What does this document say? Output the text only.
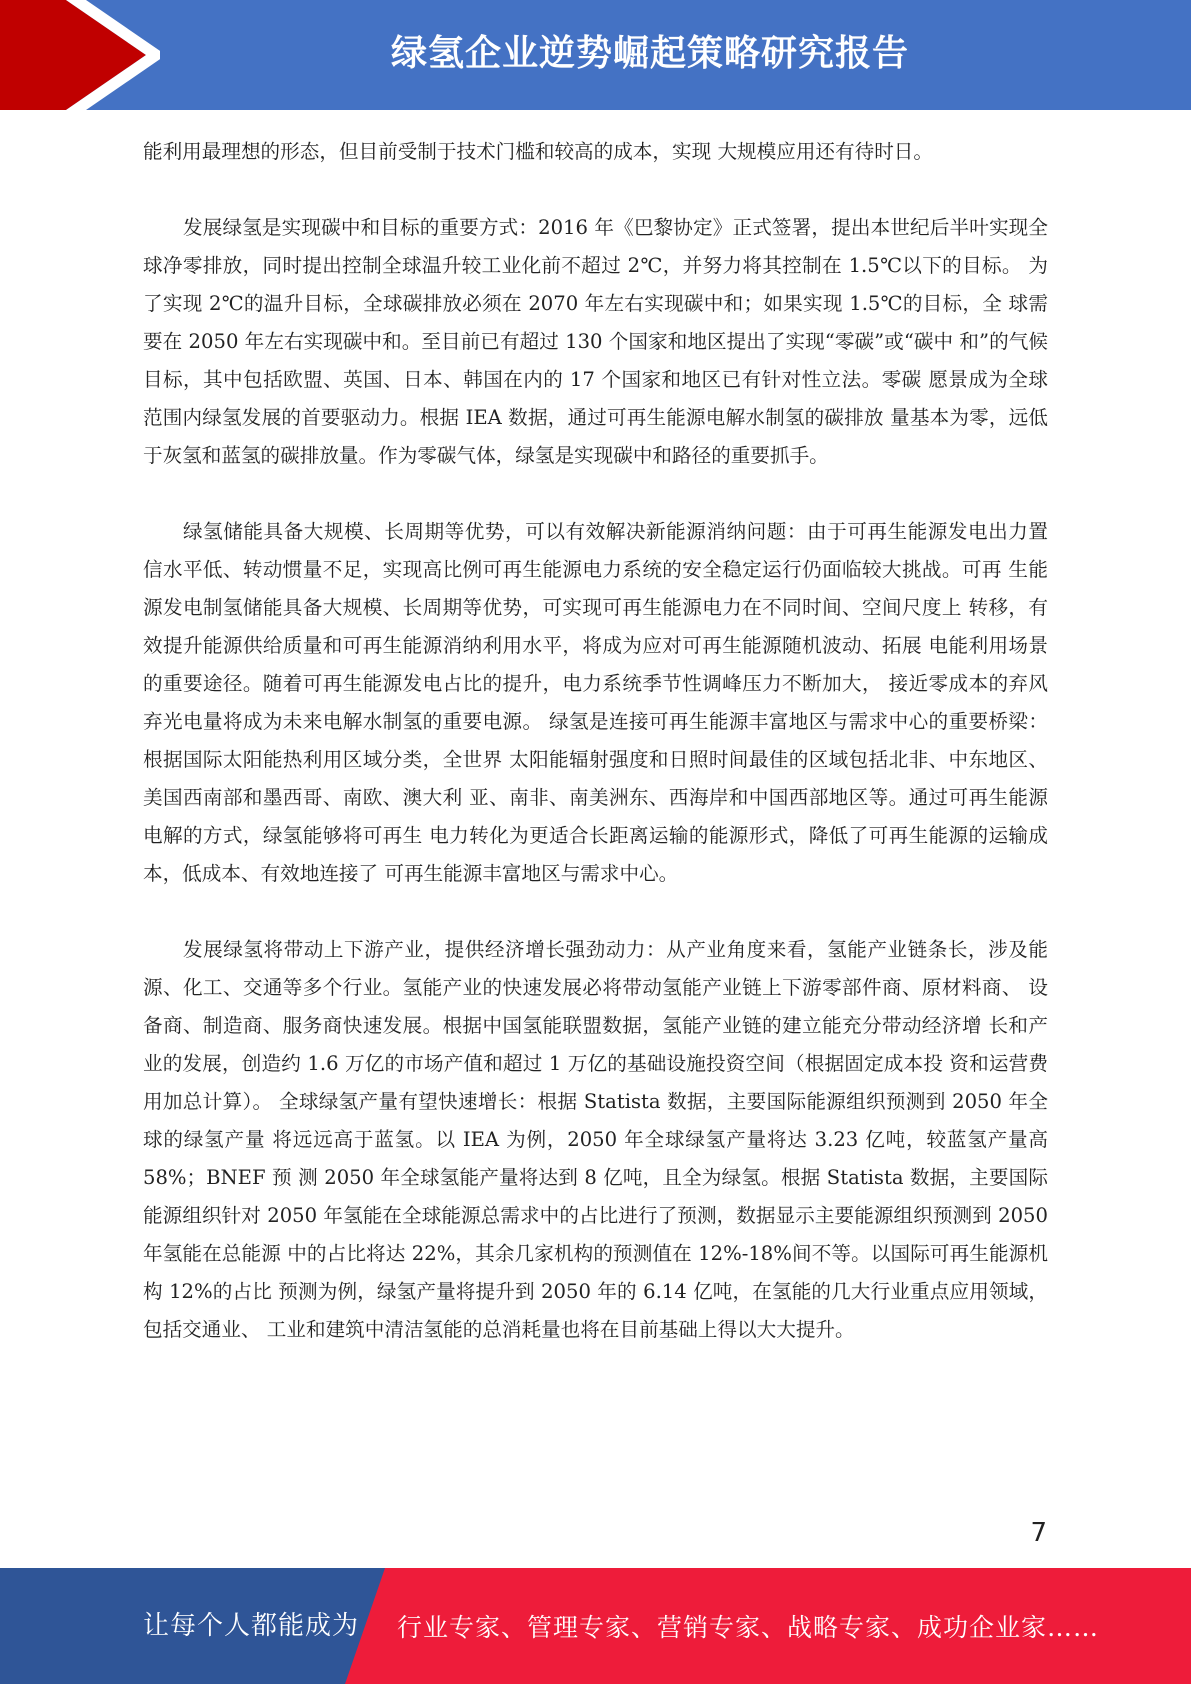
绿氢企业逆势崛起策略研究报告

能利用最理想的形态，但目前受制于技术门槛和较高的成本，实现 大规模应用还有待时日。

发展绿氢是实现碳中和目标的重要方式：2016 年《巴黎协定》正式签署，提出本世纪后半叶实现全 球净零排放，同时提出控制全球温升较工业化前不超过 2℃，并努力将其控制在 1.5℃以下的目标。 为了实现 2℃的温升目标，全球碳排放必须在 2070 年左右实现碳中和；如果实现 1.5℃的目标，全 球需要在 2050 年左右实现碳中和。至目前已有超过 130 个国家和地区提出了实现“零碳”或“碳中 和”的气候目标，其中包括欧盟、英国、日本、韩国在内的 17 个国家和地区已有针对性立法。零碳 愿景成为全球范围内绿氢发展的首要驱动力。根据 IEA 数据，通过可再生能源电解水制氢的碳排放 量基本为零，远低于灰氢和蓝氢的碳排放量。作为零碳气体，绿氢是实现碳中和路径的重要抓手。

绿氢储能具备大规模、长周期等优势，可以有效解决新能源消纳问题：由于可再生能源发电出力置 信水平低、转动惯量不足，实现高比例可再生能源电力系统的安全稳定运行仍面临较大挑战。可再 生能源发电制氢储能具备大规模、长周期等优势，可实现可再生能源电力在不同时间、空间尺度上 转移，有效提升能源供给质量和可再生能源消纳利用水平，将成为应对可再生能源随机波动、拓展 电能利用场景的重要途径。随着可再生能源发电占比的提升，电力系统季节性调峰压力不断加大， 接近零成本的弃风弃光电量将成为未来电解水制氢的重要电源。 绿氢是连接可再生能源丰富地区与需求中心的重要桥梁：根据国际太阳能热利用区域分类，全世界 太阳能辐射强度和日照时间最佳的区域包括北非、中东地区、美国西南部和墨西哥、南欧、澳大利 亚、南非、南美洲东、西海岸和中国西部地区等。通过可再生能源电解的方式，绿氢能够将可再生 电力转化为更适合长距离运输的能源形式，降低了可再生能源的运输成本，低成本、有效地连接了 可再生能源丰富地区与需求中心。

发展绿氢将带动上下游产业，提供经济增长强劲动力：从产业角度来看，氢能产业链条长，涉及能 源、化工、交通等多个行业。氢能产业的快速发展必将带动氢能产业链上下游零部件商、原材料商、 设备商、制造商、服务商快速发展。根据中国氢能联盟数据，氢能产业链的建立能充分带动经济增 长和产业的发展，创造约 1.6 万亿的市场产值和超过 1 万亿的基础设施投资空间（根据固定成本投 资和运营费用加总计算）。 全球绿氢产量有望快速增长：根据 Statista 数据，主要国际能源组织预测到 2050 年全球的绿氢产量 将远远高于蓝氢。以 IEA 为例，2050 年全球绿氢产量将达 3.23 亿吨，较蓝氢产量高 58%；BNEF 预 测 2050 年全球氢能产量将达到 8 亿吨，且全为绿氢。根据 Statista 数据，主要国际能源组织针对 2050 年氢能在全球能源总需求中的占比进行了预测，数据显示主要能源组织预测到 2050 年氢能在总能源 中的占比将达 22%，其余几家机构的预测值在 12%-18%间不等。以国际可再生能源机构 12%的占比 预测为例，绿氢产量将提升到 2050 年的 6.14 亿吨，在氢能的几大行业重点应用领域，包括交通业、 工业和建筑中清洁氢能的总消耗量也将在目前基础上得以大大提升。

7
让每个人都能成为 行业专家、管理专家、营销专家、战略专家、成功企业家……
